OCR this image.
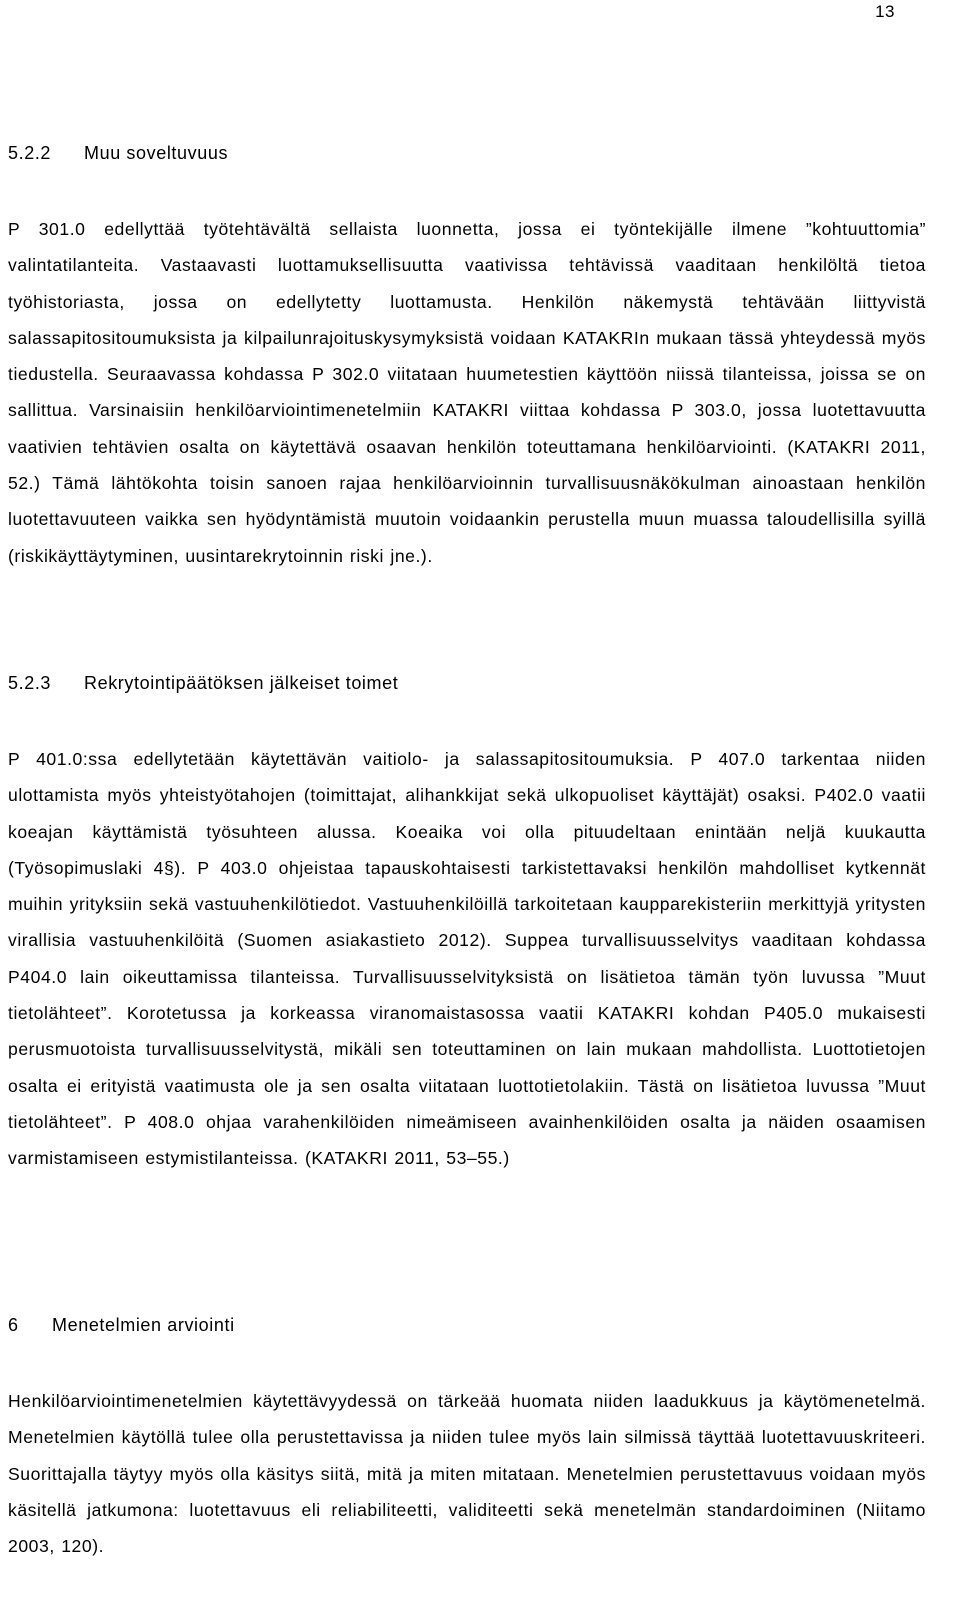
13
5.2.2 Muu soveltuvuus
P 301.0 edellyttää työtehtävältä sellaista luonnetta, jossa ei työntekijälle ilmene ”kohtuuttomia” valintatilanteita. Vastaavasti luottamuksellisuutta vaativissa tehtävissä vaaditaan henkilöltä tietoa työhistoriasta, jossa on edellytetty luottamusta. Henkilön näkemystä tehtävään liittyvistä salassapitositoumuksista ja kilpailunrajoituskysymyksistä voidaan KATAKRIn mukaan tässä yhteydessä myös tiedustella. Seuraavassa kohdassa P 302.0 viitataan huumetestien käyttöön niissä tilanteissa, joissa se on sallittua. Varsinaisiin henkilöarviointimenetelmiin KATAKRI viittaa kohdassa P 303.0, jossa luotettavuutta vaativien tehtävien osalta on käytettävä osaavan henkilön toteuttamana henkilöarviointi. (KATAKRI 2011, 52.) Tämä lähtökohta toisin sanoen rajaa henkilöarvioinnin turvallisuusnäkökulman ainoastaan henkilön luotettavuuteen vaikka sen hyödyntämistä muutoin voidaankin perustella muun muassa taloudellisilla syillä (riskikäyttäytyminen, uusintarekrytoinnin riski jne.).
5.2.3 Rekrytointipäätöksen jälkeiset toimet
P 401.0:ssa edellytetään käytettävän vaitiolo- ja salassapitositoumuksia. P 407.0 tarkentaa niiden ulottamista myös yhteistyötahojen (toimittajat, alihankkijat sekä ulkopuoliset käyttäjät) osaksi. P402.0 vaatii koeajan käyttämistä työsuhteen alussa. Koeaika voi olla pituudeltaan enintään neljä kuukautta (Työsopimuslaki 4§). P 403.0 ohjeistaa tapauskohtaisesti tarkistettavaksi henkilön mahdolliset kytkennät muihin yrityksiin sekä vastuuhenkilötiedot. Vastuuhenkilöillä tarkoitetaan kaupparekisteriin merkittyjä yritysten virallisia vastuuhenkilöitä (Suomen asiakastieto 2012). Suppea turvallisuusselvitys vaaditaan kohdassa P404.0 lain oikeuttamissa tilanteissa. Turvallisuusselvityksistä on lisätietoa tämän työn luvussa ”Muut tietolähteet”. Korotetussa ja korkeassa viranomaistasossa vaatii KATAKRI kohdan P405.0 mukaisesti perusmuotoista turvallisuusselvitystä, mikäli sen toteuttaminen on lain mukaan mahdollista. Luottotietojen osalta ei erityistä vaatimusta ole ja sen osalta viitataan luottotietolakiin. Tästä on lisätietoa luvussa ”Muut tietolähteet”. P 408.0 ohjaa varahenkilöiden nimeämiseen avainhenkilöiden osalta ja näiden osaamisen varmistamiseen estymistilanteissa. (KATAKRI 2011, 53–55.)
6 Menetelmien arviointi
Henkilöarviointimenetelmien käytettävyydessä on tärkeää huomata niiden laadukkuus ja käytömenetelmä. Menetelmien käytöllä tulee olla perustettavissa ja niiden tulee myös lain silmissä täyttää luotettavuuskriteeri. Suorittajalla täytyy myös olla käsitys siitä, mitä ja miten mitataan. Menetelmien perustettavuus voidaan myös käsitellä jatkumona: luotettavuus eli reliabiliteetti, validiteetti sekä menetelmän standardoiminen (Niitamo 2003, 120).
